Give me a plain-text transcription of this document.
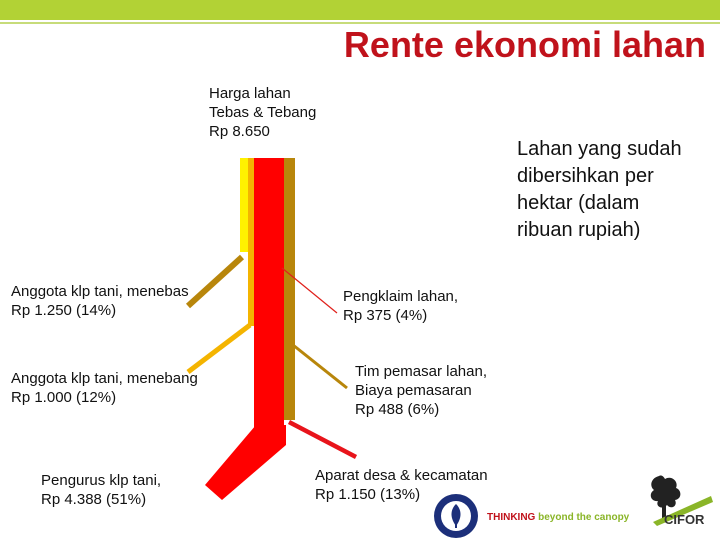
Rente ekonomi lahan
Harga lahan
Tebas & Tebang
Rp 8.650
Anggota klp tani, menebas
Rp 1.250 (14%)
Anggota klp tani, menebang
Rp 1.000 (12%)
Pengurus klp tani,
Rp 4.388 (51%)
Pengklaim lahan,
Rp 375 (4%)
Tim pemasar lahan,
Biaya pemasaran
Rp 488 (6%)
Aparat desa & kecamatan
Rp 1.150 (13%)
Lahan yang sudah
dibersihkan per
hektar (dalam
ribuan rupiah)
THINKING beyond the canopy	CIFOR
